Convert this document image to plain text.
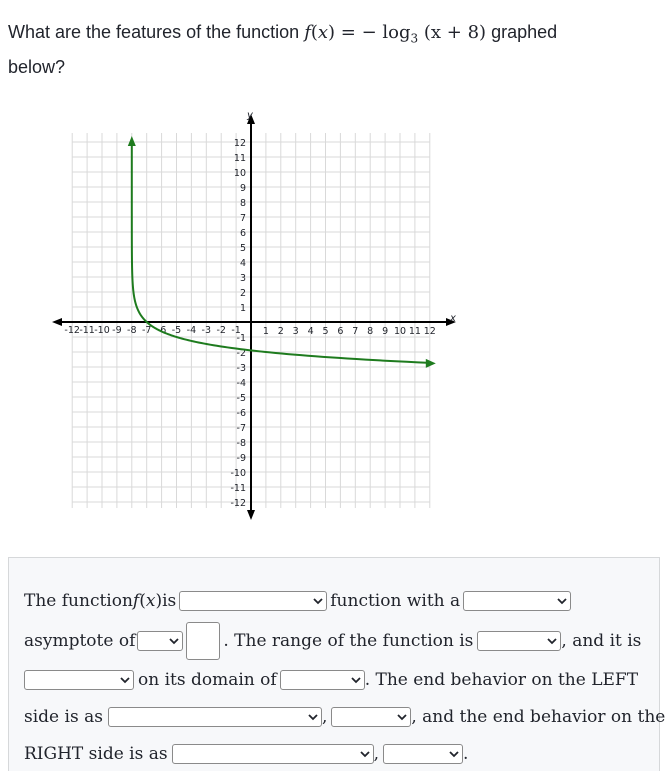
What are the features of the function f(x) = − $\log_3 (x + 8)$ graphed
below?
x
y
-12 -11 -10 -9 -8 -7 -6 -5 -4 -3 -2 -1 1 2 3 4 5 6 7 8 9 10 11 12
12
11
10
9
8
7
6
5
4
3
2
1
-1
-2
-3
-4
-5
-6
-7
-8
-9
-10
-11
-12
The function f(x) is	function with a
asymptote of	. The range of the function is	, and it is
on its domain of	. The end behavior on the LEFT
side is as	,	, and the end behavior on the
RIGHT side is as	,	.
